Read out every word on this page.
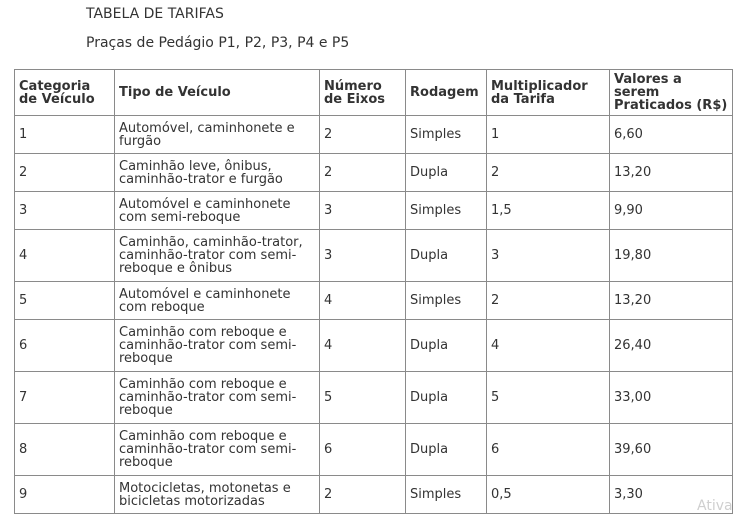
TABELA DE TARIFAS
Praças de Pedágio P1, P2, P3, P4 e P5
Categoria de Veículo	Tipo de Veículo	Número de Eixos	Rodagem	Multiplicador da Tarifa	Valores a serem Praticados (R$)
1	Automóvel, caminhonete e furgão	2	Simples	1	6,60
2	Caminhão leve, ônibus, caminhão-trator e furgão	2	Dupla	2	13,20
3	Automóvel e caminhonete com semi-reboque	3	Simples	1,5	9,90
4	Caminhão, caminhão-trator, caminhão-trator com semi-reboque e ônibus	3	Dupla	3	19,80
5	Automóvel e caminhonete com reboque	4	Simples	2	13,20
6	Caminhão com reboque e caminhão-trator com semi-reboque	4	Dupla	4	26,40
7	Caminhão com reboque e caminhão-trator com semi-reboque	5	Dupla	5	33,00
8	Caminhão com reboque e caminhão-trator com semi-reboque	6	Dupla	6	39,60
9	Motocicletas, motonetas e bicicletas motorizadas	2	Simples	0,5	3,30
Ativa
